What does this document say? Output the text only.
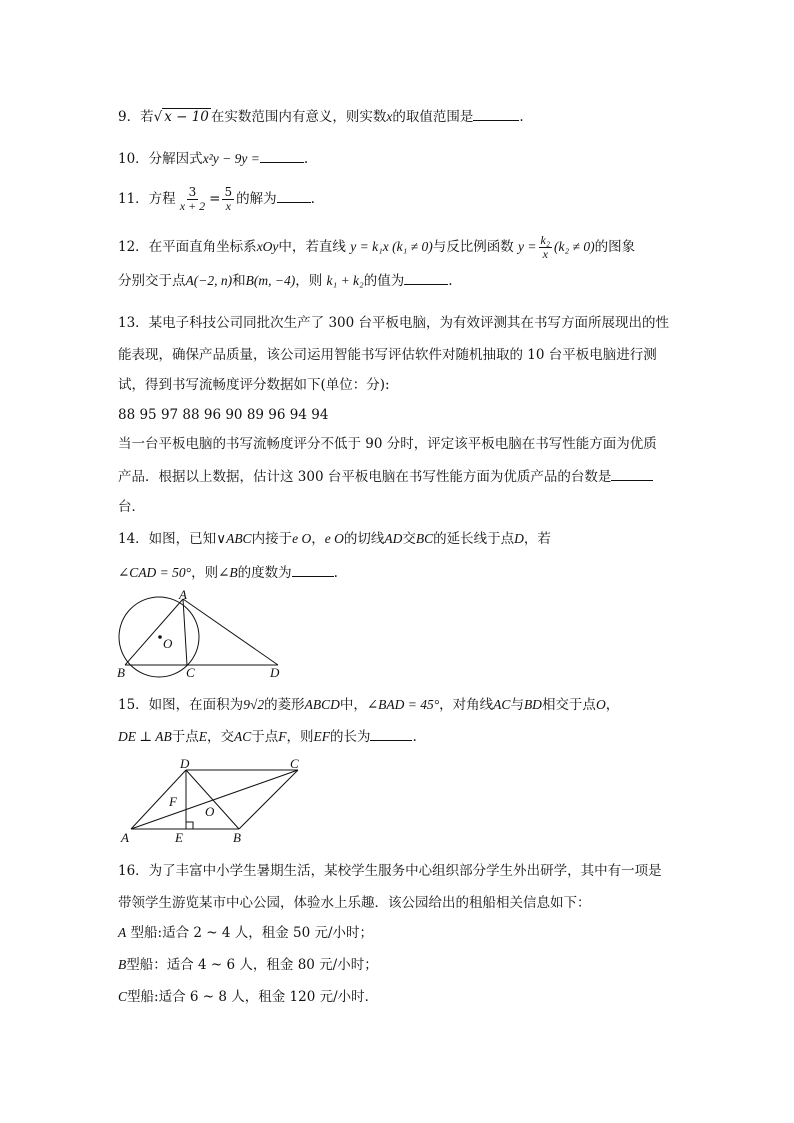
9．若√ x − 10 在实数范围内有意义，则实数x的取值范围是	.
10．分解因式x²y − 9y =	.
11．方程 $\frac{3}{x + 2} = \frac{5}{x}$ 的解为	.
12．在平面直角坐标系xOy中，若直线 y = k₁x (k₁ ≠ 0)与反比例函数 $y = \frac{\text{k₂}}{x} (k_2 \ne 0)$的图象
分别交于点A(−2, n)和B(m, −4)，则 k₁ + k₂的值为	.
13．某电子科技公司同批次生产了 300 台平板电脑，为有效评测其在书写方面所展现出的性
能表现，确保产品质量，该公司运用智能书写评估软件对随机抽取的 10 台平板电脑进行测
试，得到书写流畅度评分数据如下(单位：分):
88 95 97 88 96 90 89 96 94 94
当一台平板电脑的书写流畅度评分不低于 90 分时，评定该平板电脑在书写性能方面为优质
产品．根据以上数据，估计这 300 台平板电脑在书写性能方面为优质产品的台数是
台．
14．如图，已知∨ABC内接于e O，e O的切线AD交BC的延长线于点D，若
∠CAD = 50°，则∠B的度数为	.
A
O
B	C	D
15．如图，在面积为9√2的菱形ABCD中，∠BAD = 45°，对角线AC与BD相交于点O，
DE ⊥ AB于点E，交AC于点F，则EF的长为	.
D	C
F
O
A	E	B
16．为了丰富中小学生暑期生活，某校学生服务中心组织部分学生外出研学，其中有一项是
带领学生游览某市中心公园，体验水上乐趣．该公园给出的租船相关信息如下：
A 型船:适合 2 ~ 4 人，租金 50 元/小时；
B型船：适合 4 ~ 6 人，租金 80 元/小时；
C型船:适合 6 ~ 8 人，租金 120 元/小时．
